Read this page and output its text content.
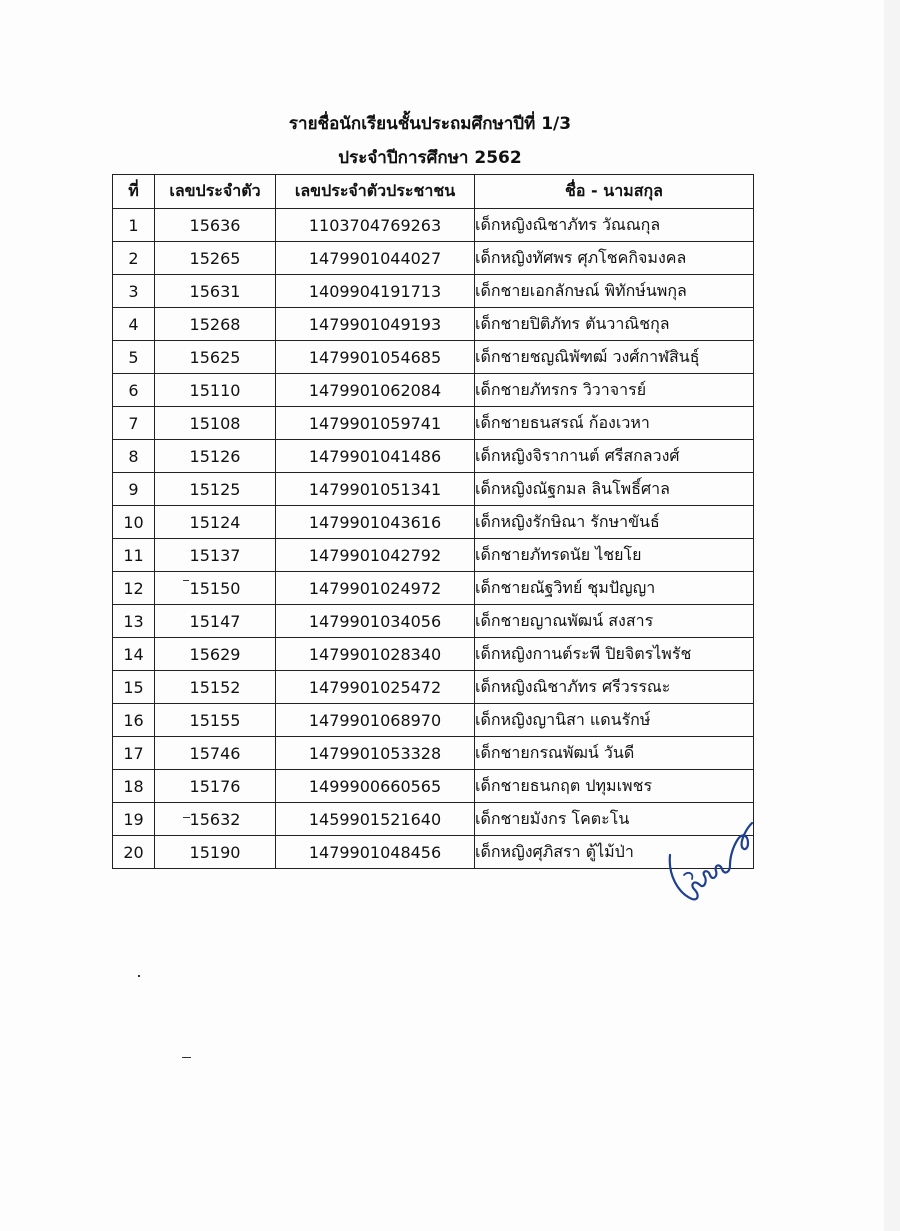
รายชื่อนักเรียนชั้นประถมศึกษาปีที่ 1/3
ประจำปีการศึกษา 2562
ที่	เลขประจำตัว	เลขประจำตัวประชาชน	ชื่อ - นามสกุล
1	15636	1103704769263	เด็กหญิงณิชาภัทร วัณณกุล
2	15265	1479901044027	เด็กหญิงทัศพร ศุภโชคกิจมงคล
3	15631	1409904191713	เด็กชายเอกลักษณ์ พิทักษ์นพกุล
4	15268	1479901049193	เด็กชายปิติภัทร ตันวาณิชกุล
5	15625	1479901054685	เด็กชายชญณิพัฑฒ์ วงศ์กาฬสินธุ์
6	15110	1479901062084	เด็กชายภัทรกร วิวาจารย์
7	15108	1479901059741	เด็กชายธนสรณ์ ก้องเวหา
8	15126	1479901041486	เด็กหญิงจิรากานต์ ศรีสกลวงศ์
9	15125	1479901051341	เด็กหญิงณัฐกมล ลินโพธิ์ศาล
10	15124	1479901043616	เด็กหญิงรักษิณา รักษาขันธ์
11	15137	1479901042792	เด็กชายภัทรดนัย ไชยโย
12	15150	1479901024972	เด็กชายณัฐวิทย์ ชุมปัญญา
13	15147	1479901034056	เด็กชายญาณพัฒน์ สงสาร
14	15629	1479901028340	เด็กหญิงกานต์ระพี ปิยจิตรไพรัช
15	15152	1479901025472	เด็กหญิงณิชาภัทร ศรีวรรณะ
16	15155	1479901068970	เด็กหญิงญานิสา แดนรักษ์
17	15746	1479901053328	เด็กชายกรณพัฒน์ วันดี
18	15176	1499900660565	เด็กชายธนกฤต ปทุมเพชร
19	15632	1459901521640	เด็กชายมังกร โคตะโน
20	15190	1479901048456	เด็กหญิงศุภิสรา ตู้ไม้ป่า
